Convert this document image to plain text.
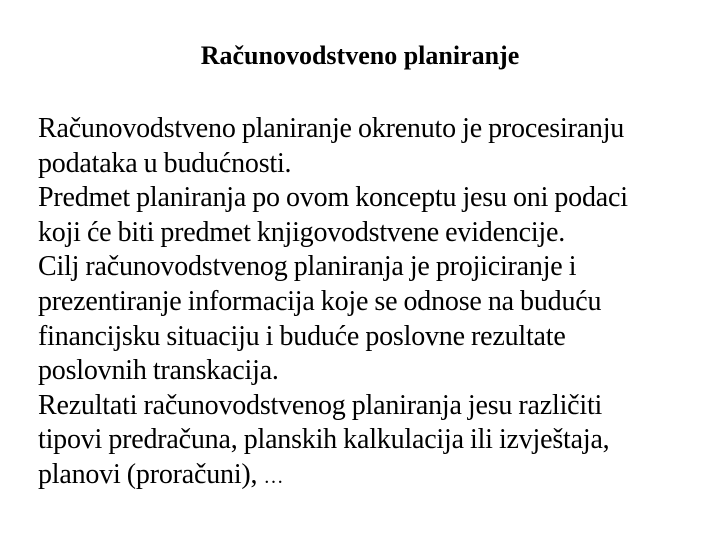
Računovodstveno planiranje
Računovodstveno planiranje okrenuto je procesiranju
podataka u budućnosti.
Predmet planiranja po ovom konceptu jesu oni podaci
koji će biti predmet knjigovodstvene evidencije.
Cilj računovodstvenog planiranja je projiciranje i
prezentiranje informacija koje se odnose na buduću
financijsku situaciju i buduće poslovne rezultate
poslovnih transkacija.
Rezultati računovodstvenog planiranja jesu različiti
tipovi predračuna, planskih kalkulacija ili izvještaja,
planovi (proračuni), …
